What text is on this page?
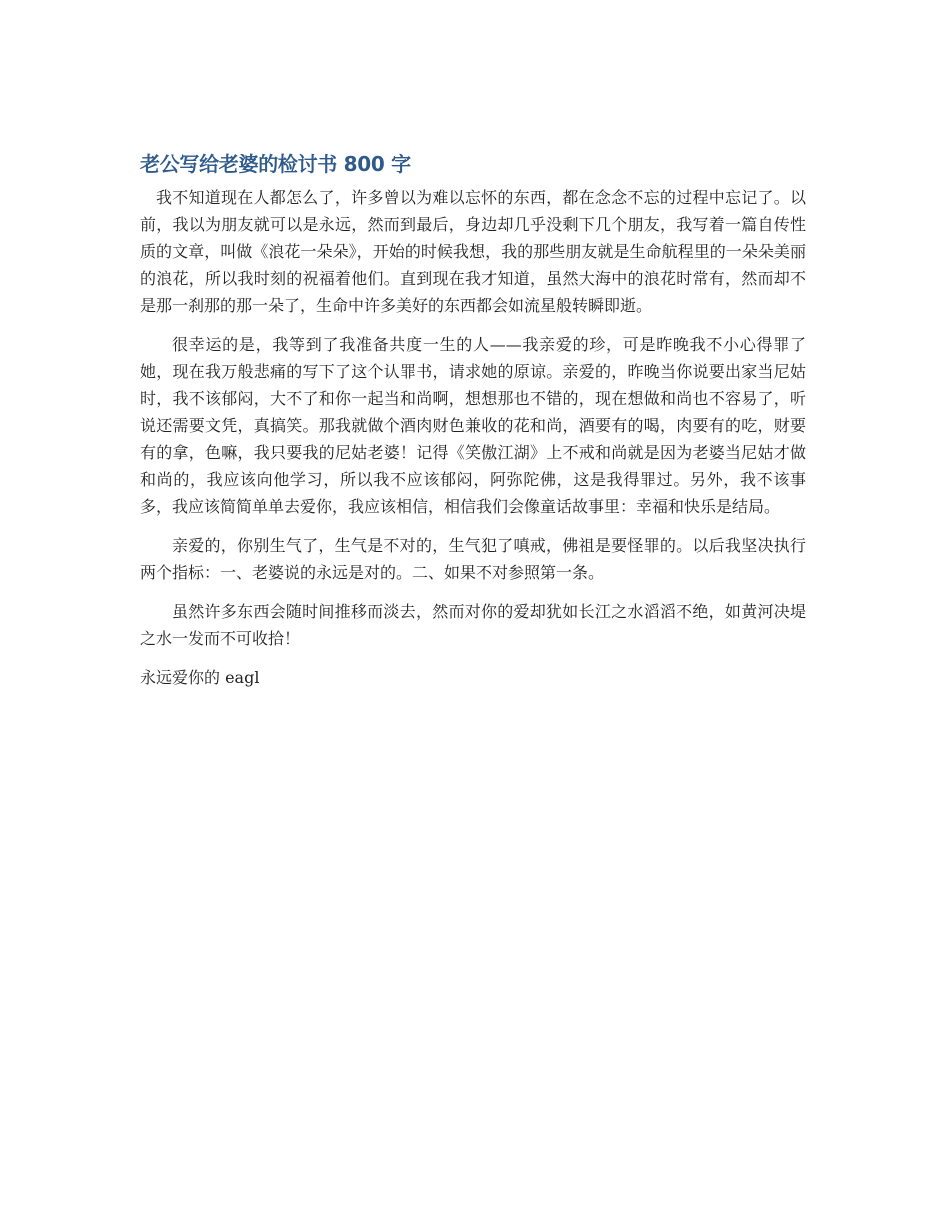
老公写给老婆的检讨书 800 字

我不知道现在人都怎么了，许多曾以为难以忘怀的东西，都在念念不忘的过程中忘记了。以前，我以为朋友就可以是永远，然而到最后，身边却几乎没剩下几个朋友，我写着一篇自传性质的文章，叫做《浪花一朵朵》，开始的时候我想，我的那些朋友就是生命航程里的一朵朵美丽的浪花，所以我时刻的祝福着他们。直到现在我才知道，虽然大海中的浪花时常有，然而却不是那一刹那的那一朵了，生命中许多美好的东西都会如流星般转瞬即逝。

很幸运的是，我等到了我准备共度一生的人——我亲爱的珍，可是昨晚我不小心得罪了她，现在我万般悲痛的写下了这个认罪书，请求她的原谅。亲爱的，昨晚当你说要出家当尼姑时，我不该郁闷，大不了和你一起当和尚啊，想想那也不错的，现在想做和尚也不容易了，听说还需要文凭，真搞笑。那我就做个酒肉财色兼收的花和尚，酒要有的喝，肉要有的吃，财要有的拿，色嘛，我只要我的尼姑老婆！记得《笑傲江湖》上不戒和尚就是因为老婆当尼姑才做和尚的，我应该向他学习，所以我不应该郁闷，阿弥陀佛，这是我得罪过。另外，我不该事多，我应该简简单单去爱你，我应该相信，相信我们会像童话故事里：幸福和快乐是结局。

亲爱的，你别生气了，生气是不对的，生气犯了嗔戒，佛祖是要怪罪的。以后我坚决执行两个指标：一、老婆说的永远是对的。二、如果不对参照第一条。

虽然许多东西会随时间推移而淡去，然而对你的爱却犹如长江之水滔滔不绝，如黄河决堤之水一发而不可收拾！

永远爱你的 eagl
